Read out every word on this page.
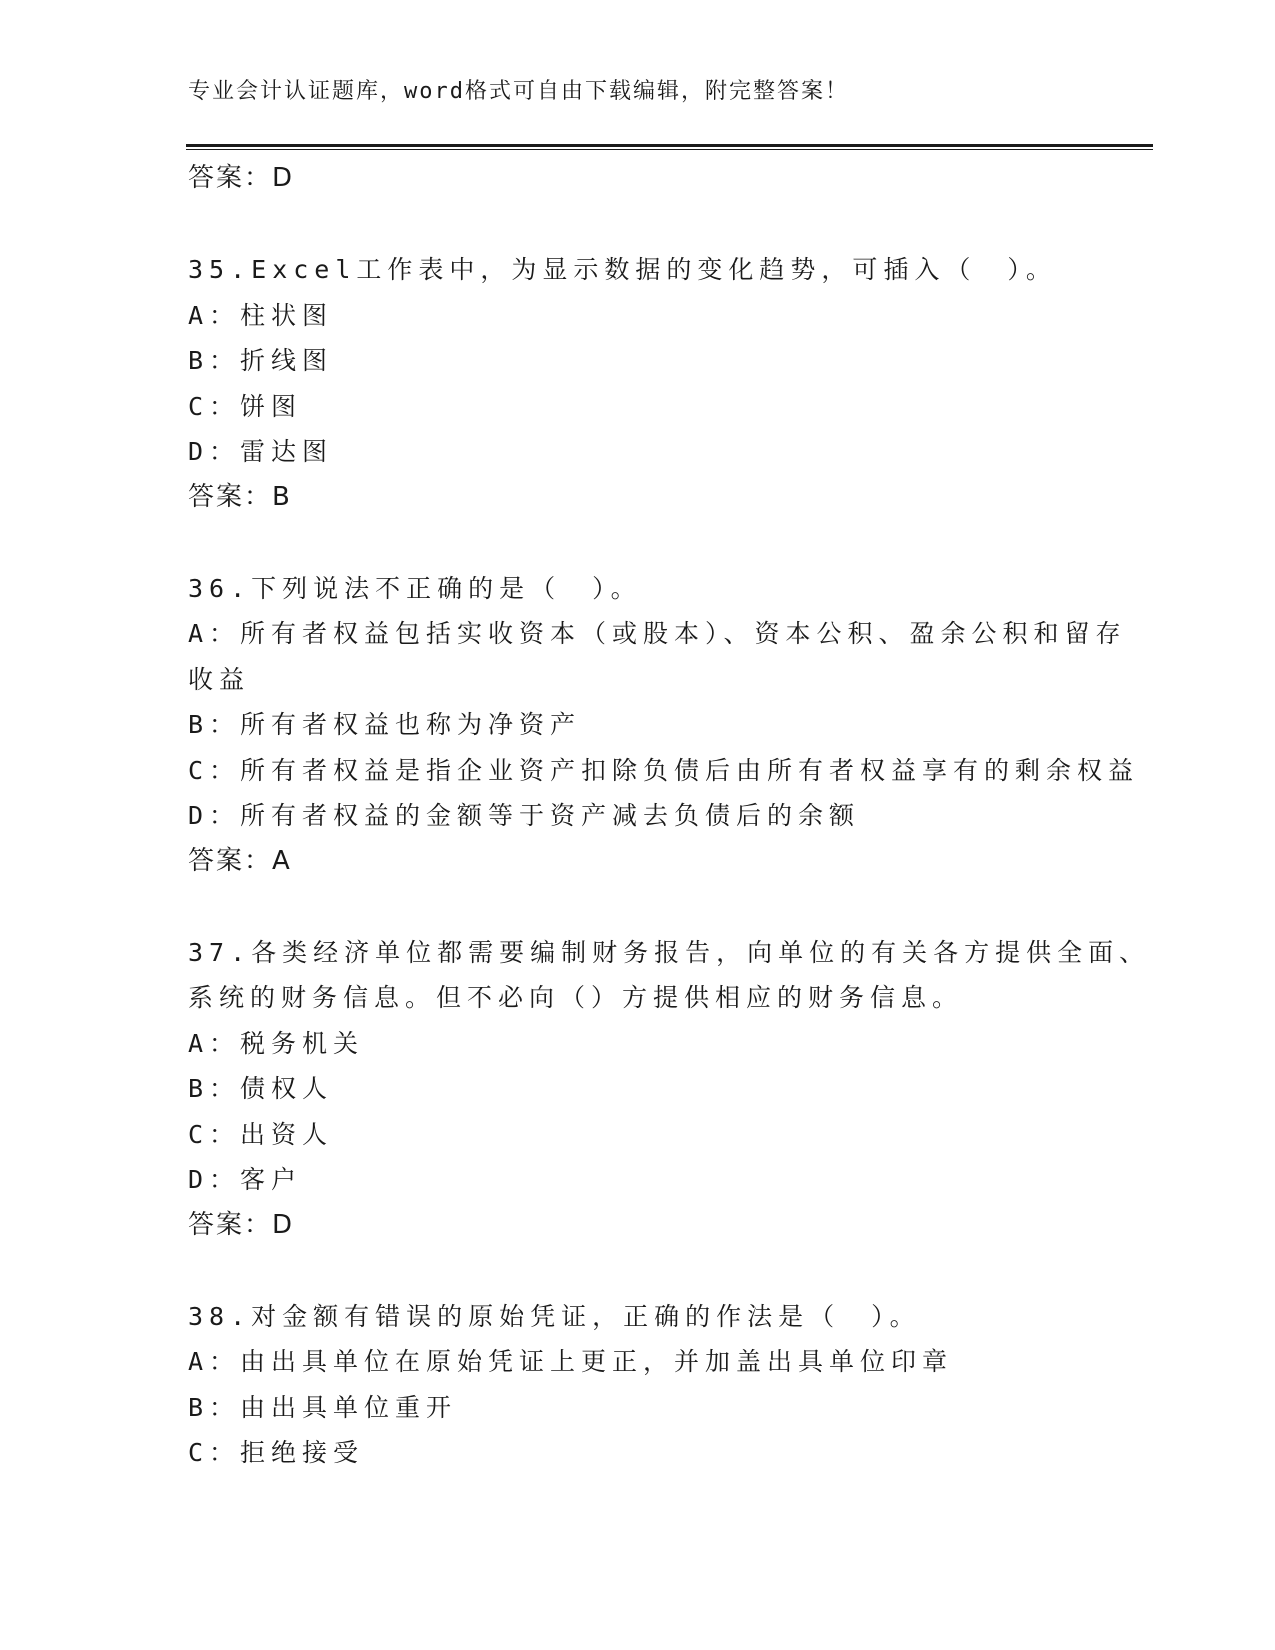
专业会计认证题库，word格式可自由下载编辑，附完整答案！
答案：D
35.Excel工作表中，为显示数据的变化趋势，可插入（　）。
A：柱状图
B：折线图
C：饼图
D：雷达图
答案：B
36.下列说法不正确的是（　）。
A：所有者权益包括实收资本（或股本）、资本公积、盈余公积和留存
收益
B：所有者权益也称为净资产
C：所有者权益是指企业资产扣除负债后由所有者权益享有的剩余权益
D：所有者权益的金额等于资产减去负债后的余额
答案：A
37.各类经济单位都需要编制财务报告，向单位的有关各方提供全面、
系统的财务信息。但不必向（）方提供相应的财务信息。
A：税务机关
B：债权人
C：出资人
D：客户
答案：D
38.对金额有错误的原始凭证，正确的作法是（　）。
A：由出具单位在原始凭证上更正，并加盖出具单位印章
B：由出具单位重开
C：拒绝接受
